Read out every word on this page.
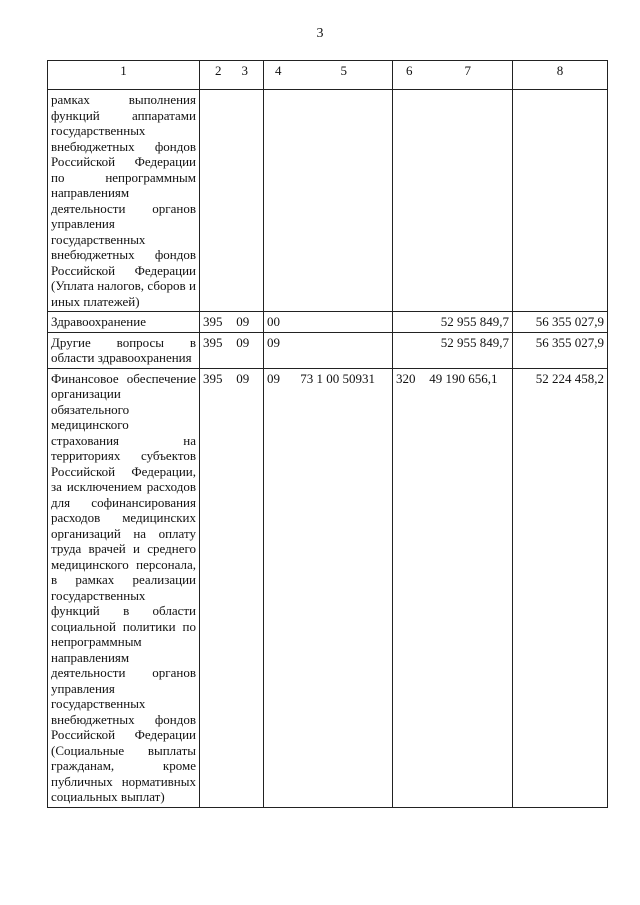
3
1	2 3	4 5	6 7	8
рамках выполнения функций аппаратами государственных внебюджетных фондов Российской Федерации по непрограммным направлениям деятельности органов управления государственных внебюджетных фондов Российской Федерации (Уплата налогов, сборов и иных платежей)				
Здравоохранение	395 09	00	52 955 849,7	56 355 027,9
Другие вопросы в области здравоохранения	395 09	09	52 955 849,7	56 355 027,9
Финансовое обеспечение организации обязательного медицинского страхования на территориях субъектов Российской Федерации, за исключением расходов для софинансирования расходов медицинских организаций на оплату труда врачей и среднего медицинского персонала, в рамках реализации государственных функций в области социальной политики по непрограммным направлениям деятельности органов управления государственных внебюджетных фондов Российской Федерации (Социальные выплаты гражданам, кроме публичных нормативных социальных выплат)	395 09	09 73 1 00 50931	320 49 190 656,1	52 224 458,2
